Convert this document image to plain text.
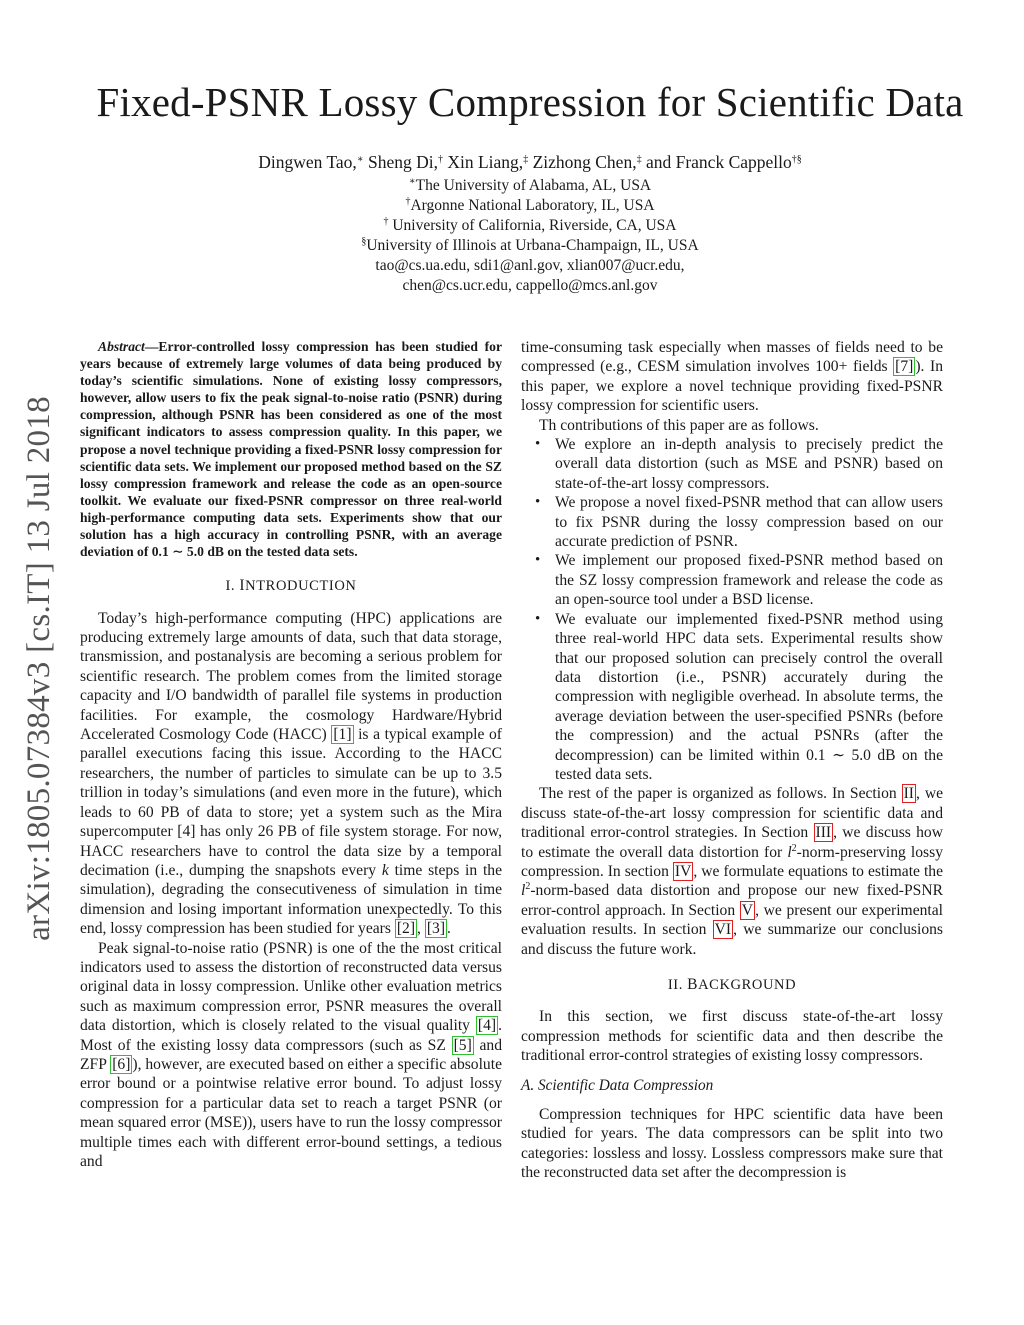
arXiv:1805.07384v3 [cs.IT] 13 Jul 2018
Fixed-PSNR Lossy Compression for Scientific Data
Dingwen Tao,∗ Sheng Di,† Xin Liang,‡ Zizhong Chen,‡ and Franck Cappello†§
∗The University of Alabama, AL, USA
†Argonne National Laboratory, IL, USA
† University of California, Riverside, CA, USA
§University of Illinois at Urbana-Champaign, IL, USA
tao@cs.ua.edu, sdi1@anl.gov, xlian007@ucr.edu,
chen@cs.ucr.edu, cappello@mcs.anl.gov

Abstract—Error-controlled lossy compression has been studied for years because of extremely large volumes of data being produced by today’s scientific simulations. None of existing lossy compressors, however, allow users to fix the peak signal-to-noise ratio (PSNR) during compression, although PSNR has been considered as one of the most significant indicators to assess compression quality. In this paper, we propose a novel technique providing a fixed-PSNR lossy compression for scientific data sets. We implement our proposed method based on the SZ lossy compression framework and release the code as an open-source toolkit. We evaluate our fixed-PSNR compressor on three real-world high-performance computing data sets. Experiments show that our solution has a high accuracy in controlling PSNR, with an average deviation of 0.1 ∼ 5.0 dB on the tested data sets.

I. INTRODUCTION

Today’s high-performance computing (HPC) applications are producing extremely large amounts of data, such that data storage, transmission, and postanalysis are becoming a serious problem for scientific research. The problem comes from the limited storage capacity and I/O bandwidth of parallel file systems in production facilities. For example, the cosmology Hardware/Hybrid Accelerated Cosmology Code (HACC) [1] is a typical example of parallel executions facing this issue. According to the HACC researchers, the number of particles to simulate can be up to 3.5 trillion in today’s simulations (and even more in the future), which leads to 60 PB of data to store; yet a system such as the Mira supercomputer [4] has only 26 PB of file system storage. For now, HACC researchers have to control the data size by a temporal decimation (i.e., dumping the snapshots every k time steps in the simulation), degrading the consecutiveness of simulation in time dimension and losing important information unexpectedly. To this end, lossy compression has been studied for years [2] , [3] .

Peak signal-to-noise ratio (PSNR) is one of the the most critical indicators used to assess the distortion of reconstructed data versus original data in lossy compression. Unlike other evaluation metrics such as maximum compression error, PSNR measures the overall data distortion, which is closely related to the visual quality [4] . Most of the existing lossy data compressors (such as SZ [5] and ZFP [6] ), however, are executed based on either a specific absolute error bound or a pointwise relative error bound. To adjust lossy compression for a particular data set to reach a target PSNR (or mean squared error (MSE)), users have to run the lossy compressor multiple times each with different error-bound settings, a tedious and

time-consuming task especially when masses of fields need to be compressed (e.g., CESM simulation involves 100+ fields [7] ). In this paper, we explore a novel technique providing fixed-PSNR lossy compression for scientific users.

Th contributions of this paper are as follows.

• We explore an in-depth analysis to precisely predict the overall data distortion (such as MSE and PSNR) based on state-of-the-art lossy compressors.
• We propose a novel fixed-PSNR method that can allow users to fix PSNR during the lossy compression based on our accurate prediction of PSNR.
• We implement our proposed fixed-PSNR method based on the SZ lossy compression framework and release the code as an open-source tool under a BSD license.
• We evaluate our implemented fixed-PSNR method using three real-world HPC data sets. Experimental results show that our proposed solution can precisely control the overall data distortion (i.e., PSNR) accurately during the compression with negligible overhead. In absolute terms, the average deviation between the user-specified PSNRs (before the compression) and the actual PSNRs (after the decompression) can be limited within 0.1 ∼ 5.0 dB on the tested data sets.

The rest of the paper is organized as follows. In Section II , we discuss state-of-the-art lossy compression for scientific data and traditional error-control strategies. In Section III , we discuss how to estimate the overall data distortion for $l^2-norm$-preserving lossy compression. In section IV , we formulate equations to estimate the $l^2-norm$-based data distortion and propose our new fixed-PSNR error-control approach. In Section V , we present our experimental evaluation results. In section VI , we summarize our conclusions and discuss the future work.

II. BACKGROUND

In this section, we first discuss state-of-the-art lossy compression methods for scientific data and then describe the traditional error-control strategies of existing lossy compressors.

A. Scientific Data Compression

Compression techniques for HPC scientific data have been studied for years. The data compressors can be split into two categories: lossless and lossy. Lossless compressors make sure that the reconstructed data set after the decompression is
